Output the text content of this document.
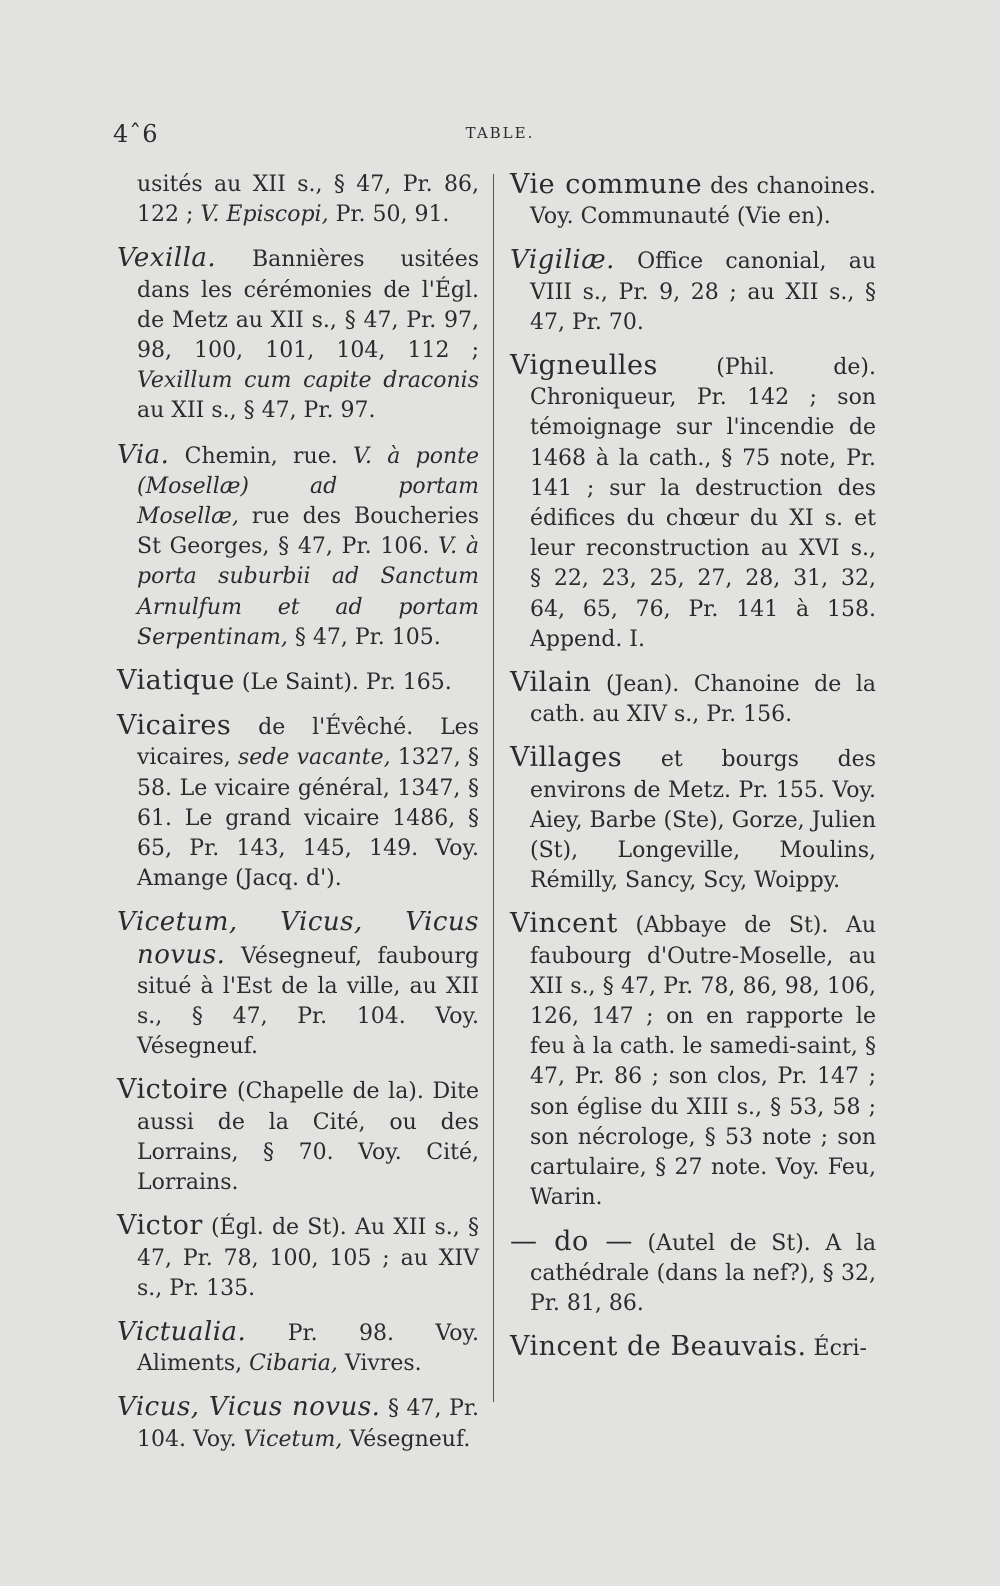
4ˆ6	TABLE.

usités au XII s., § 47, Pr. 86, 122 ; V. Episcopi, Pr. 50, 91.

Vexilla. Bannières usitées dans les cérémonies de l'Égl. de Metz au XII s., § 47, Pr. 97, 98, 100, 101, 104, 112 ; Vexillum cum capite draconis au XII s., § 47, Pr. 97.

Via. Chemin, rue. V. à ponte (Mosellæ) ad portam Mosellæ, rue des Boucheries St Georges, § 47, Pr. 106. V. à porta suburbii ad Sanctum Arnulfum et ad portam Serpentinam, § 47, Pr. 105.

Viatique (Le Saint). Pr. 165.

Vicaires de l'Évêché. Les vicaires, sede vacante, 1327, § 58. Le vicaire général, 1347, § 61. Le grand vicaire 1486, § 65, Pr. 143, 145, 149. Voy. Amange (Jacq. d').

Vicetum, Vicus, Vicus novus. Vésegneuf, faubourg situé à l'Est de la ville, au XII s., § 47, Pr. 104. Voy. Vésegneuf.

Victoire (Chapelle de la). Dite aussi de la Cité, ou des Lorrains, § 70. Voy. Cité, Lorrains.

Victor (Égl. de St). Au XII s., § 47, Pr. 78, 100, 105 ; au XIV s., Pr. 135.

Victualia. Pr. 98. Voy. Aliments, Cibaria, Vivres.

Vicus, Vicus novus. § 47, Pr. 104. Voy. Vicetum, Vésegneuf.

Vie commune des chanoines. Voy. Communauté (Vie en).

Vigiliæ. Office canonial, au VIII s., Pr. 9, 28 ; au XII s., § 47, Pr. 70.

Vigneulles (Phil. de). Chroniqueur, Pr. 142 ; son témoignage sur l'incendie de 1468 à la cath., § 75 note, Pr. 141 ; sur la destruction des édifices du chœur du XI s. et leur reconstruction au XVI s., § 22, 23, 25, 27, 28, 31, 32, 64, 65, 76, Pr. 141 à 158. Append. I.

Vilain (Jean). Chanoine de la cath. au XIV s., Pr. 156.

Villages et bourgs des environs de Metz. Pr. 155. Voy. Aiey, Barbe (Ste), Gorze, Julien (St), Longeville, Moulins, Rémilly, Sancy, Scy, Woippy.

Vincent (Abbaye de St). Au faubourg d'Outre-Moselle, au XII s., § 47, Pr. 78, 86, 98, 106, 126, 147 ; on en rapporte le feu à la cath. le samedi-saint, § 47, Pr. 86 ; son clos, Pr. 147 ; son église du XIII s., § 53, 58 ; son nécrologe, § 53 note ; son cartulaire, § 27 note. Voy. Feu, Warin.

— do — (Autel de St). A la cathédrale (dans la nef?), § 32, Pr. 81, 86.

Vincent de Beauvais. Écri-
